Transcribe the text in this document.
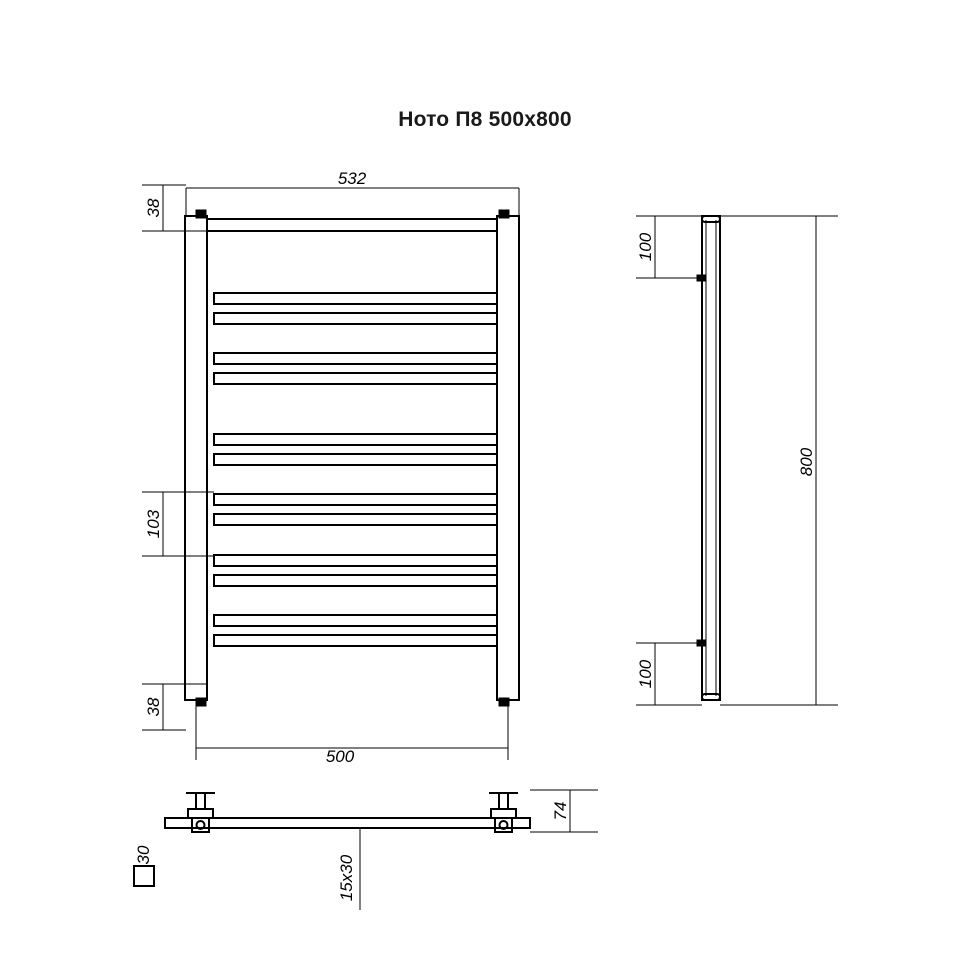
Ното П8 500x800
532
38
103
38
500
100
100
800
74
30	15x30
